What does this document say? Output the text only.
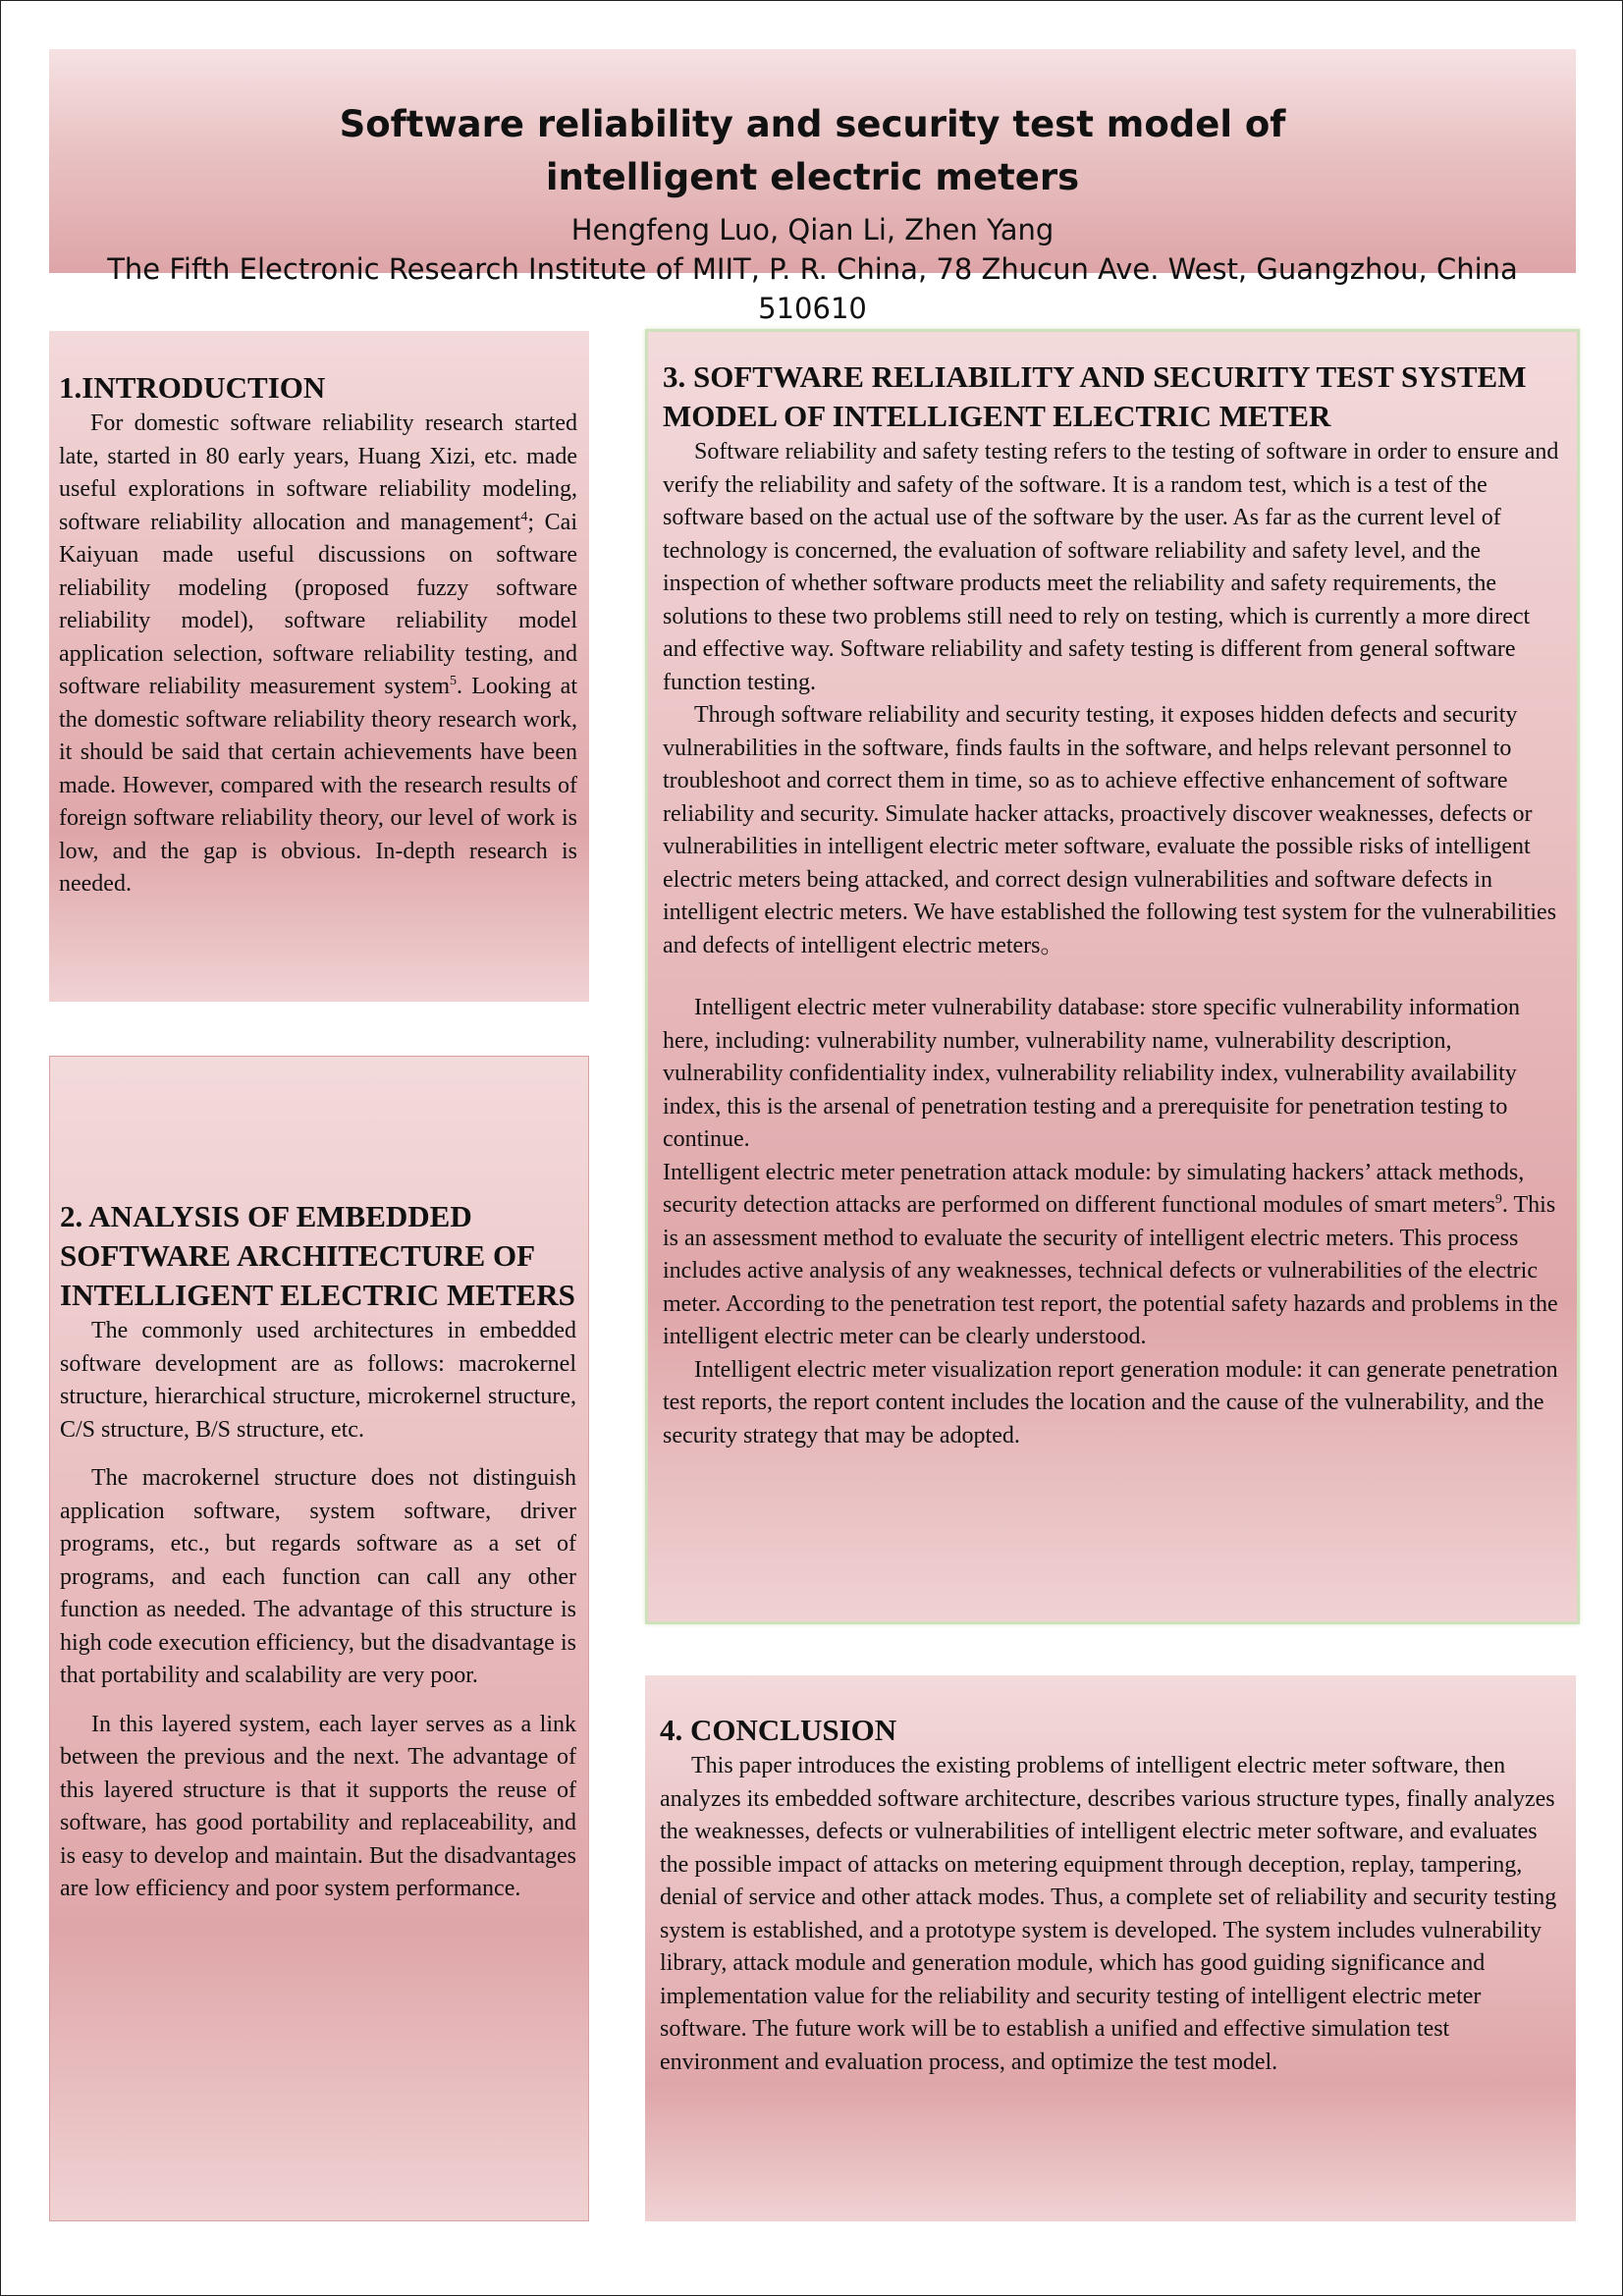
Software reliability and security test model of
intelligent electric meters
Hengfeng Luo, Qian Li, Zhen Yang
The Fifth Electronic Research Institute of MIIT, P. R. China, 78 Zhucun Ave. West, Guangzhou, China 510610
1.INTRODUCTION

For domestic software reliability research started late, started in 80 early years, Huang Xizi, etc. made useful explorations in software reliability modeling, software reliability allocation and management$^4$; Cai Kaiyuan made useful discussions on software reliability modeling (proposed fuzzy software reliability model), software reliability model application selection, software reliability testing, and software reliability measurement system$^5$. Looking at the domestic software reliability theory research work, it should be said that certain achievements have been made. However, compared with the research results of foreign software reliability theory, our level of work is low, and the gap is obvious. In-depth research is needed.

2. ANALYSIS OF EMBEDDED SOFTWARE ARCHITECTURE OF INTELLIGENT ELECTRIC METERS

The commonly used architectures in embedded software development are as follows: macrokernel structure, hierarchical structure, microkernel structure, C/S structure, B/S structure, etc.

The macrokernel structure does not distinguish application software, system software, driver programs, etc., but regards software as a set of programs, and each function can call any other function as needed. The advantage of this structure is high code execution efficiency, but the disadvantage is that portability and scalability are very poor.

In this layered system, each layer serves as a link between the previous and the next. The advantage of this layered structure is that it supports the reuse of software, has good portability and replaceability, and is easy to develop and maintain. But the disadvantages are low efficiency and poor system performance.

3. SOFTWARE RELIABILITY AND SECURITY TEST SYSTEM MODEL OF INTELLIGENT ELECTRIC METER

Software reliability and safety testing refers to the testing of software in order to ensure and verify the reliability and safety of the software. It is a random test, which is a test of the software based on the actual use of the software by the user. As far as the current level of technology is concerned, the evaluation of software reliability and safety level, and the inspection of whether software products meet the reliability and safety requirements, the solutions to these two problems still need to rely on testing, which is currently a more direct and effective way. Software reliability and safety testing is different from general software function testing.

Through software reliability and security testing, it exposes hidden defects and security vulnerabilities in the software, finds faults in the software, and helps relevant personnel to troubleshoot and correct them in time, so as to achieve effective enhancement of software reliability and security. Simulate hacker attacks, proactively discover weaknesses, defects or vulnerabilities in intelligent electric meter software, evaluate the possible risks of intelligent electric meters being attacked, and correct design vulnerabilities and software defects in intelligent electric meters. We have established the following test system for the vulnerabilities and defects of intelligent electric meters。

Intelligent electric meter vulnerability database: store specific vulnerability information here, including: vulnerability number, vulnerability name, vulnerability description, vulnerability confidentiality index, vulnerability reliability index, vulnerability availability index, this is the arsenal of penetration testing and a prerequisite for penetration testing to continue.

Intelligent electric meter penetration attack module: by simulating hackers’ attack methods, security detection attacks are performed on different functional modules of smart meters$^9$. This is an assessment method to evaluate the security of intelligent electric meters. This process includes active analysis of any weaknesses, technical defects or vulnerabilities of the electric meter. According to the penetration test report, the potential safety hazards and problems in the intelligent electric meter can be clearly understood.

Intelligent electric meter visualization report generation module: it can generate penetration test reports, the report content includes the location and the cause of the vulnerability, and the security strategy that may be adopted.

4. CONCLUSION

This paper introduces the existing problems of intelligent electric meter software, then analyzes its embedded software architecture, describes various structure types, finally analyzes the weaknesses, defects or vulnerabilities of intelligent electric meter software, and evaluates the possible impact of attacks on metering equipment through deception, replay, tampering, denial of service and other attack modes. Thus, a complete set of reliability and security testing system is established, and a prototype system is developed. The system includes vulnerability library, attack module and generation module, which has good guiding significance and implementation value for the reliability and security testing of intelligent electric meter software. The future work will be to establish a unified and effective simulation test environment and evaluation process, and optimize the test model.
